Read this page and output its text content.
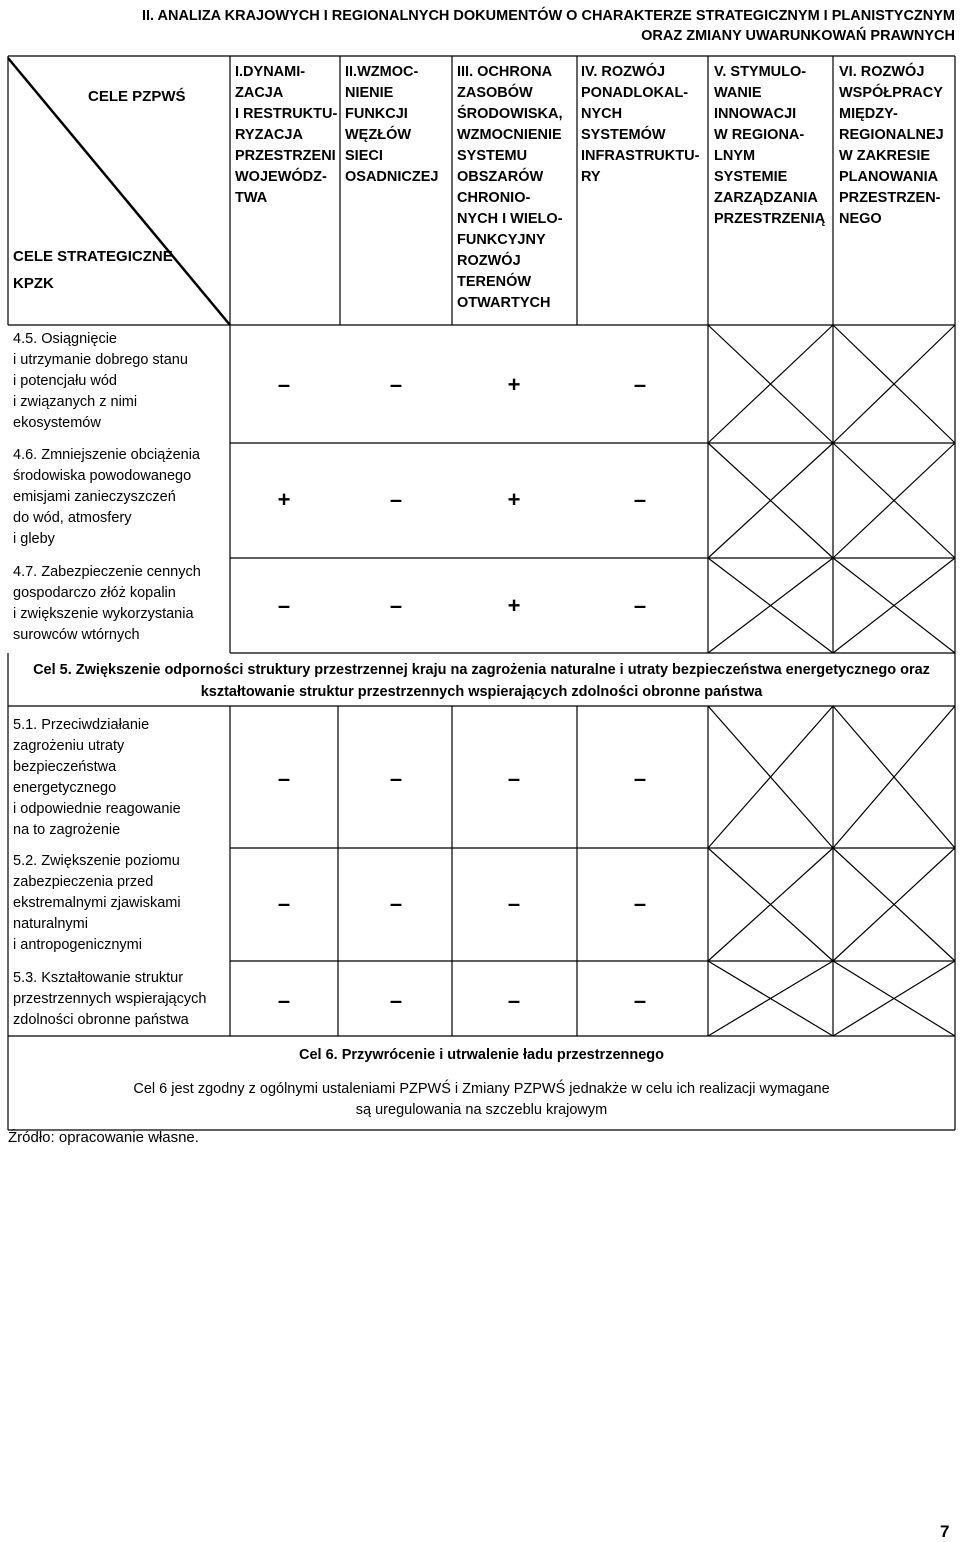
II. ANALIZA KRAJOWYCH I REGIONALNYCH DOKUMENTÓW O CHARAKTERZE STRATEGICZNYM I PLANISTYCZNYM
ORAZ ZMIANY UWARUNKOWAŃ PRAWNYCH
CELE PZPWŚ
CELE STRATEGICZNE
KPZK
I.DYNAMI-
ZACJA
I RESTRUKTU-
RYZACJA
PRZESTRZENI
WOJEWÓDZ-
TWA
II.WZMOC-
NIENIE
FUNKCJI
WĘZŁÓW
SIECI
OSADNICZEJ
III. OCHRONA
ZASOBÓW
ŚRODOWISKA,
WZMOCNIENIE
SYSTEMU
OBSZARÓW
CHRONIO-
NYCH I WIELO-
FUNKCYJNY
ROZWÓJ
TERENÓW
OTWARTYCH
IV. ROZWÓJ
PONADLOKAL-
NYCH
SYSTEMÓW
INFRASTRUKTU-
RY
V. STYMULO-
WANIE
INNOWACJI
W REGIONA-
LNYM
SYSTEMIE
ZARZĄDZANIA
PRZESTRZENIĄ
VI. ROZWÓJ
WSPÓŁPRACY
MIĘDZY-
REGIONALNEJ
W ZAKRESIE
PLANOWANIA
PRZESTRZEN-
NEGO
4.5. Osiągnięcie
i utrzymanie dobrego stanu
i potencjału wód
i związanych z nimi
ekosystemów
–	–	+	–
4.6. Zmniejszenie obciążenia
środowiska powodowanego
emisjami zanieczyszczeń
do wód, atmosfery
i gleby
+	–	+	–
4.7. Zabezpieczenie cennych
gospodarczo złóż kopalin
i zwiększenie wykorzystania
surowców wtórnych
–	–	+	–
Cel 5. Zwiększenie odporności struktury przestrzennej kraju na zagrożenia naturalne i utraty bezpieczeństwa energetycznego oraz
kształtowanie struktur przestrzennych wspierających zdolności obronne państwa
5.1. Przeciwdziałanie
zagrożeniu utraty
bezpieczeństwa
energetycznego
i odpowiednie reagowanie
na to zagrożenie
–	–	–	–
5.2. Zwiększenie poziomu
zabezpieczenia przed
ekstremalnymi zjawiskami
naturalnymi
i antropogenicznymi
–	–	–	–
5.3. Kształtowanie struktur
przestrzennych wspierających
zdolności obronne państwa
–	–	–	–
Cel 6. Przywrócenie i utrwalenie ładu przestrzennego
Cel 6 jest zgodny z ogólnymi ustaleniami PZPWŚ i Zmiany PZPWŚ jednakże w celu ich realizacji wymagane
są uregulowania na szczeblu krajowym
Źródło: opracowanie własne.
7
